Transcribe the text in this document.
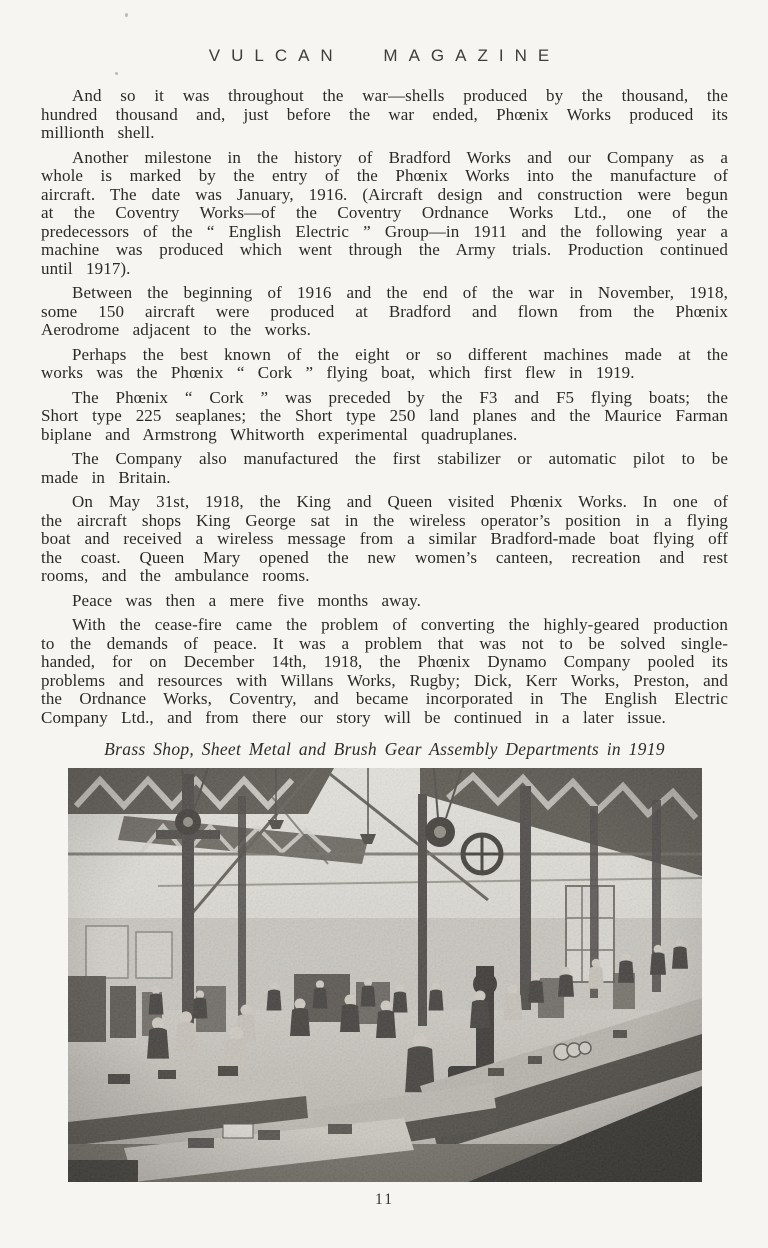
VULCAN MAGAZINE

And so it was throughout the war—shells produced by the thousand, the hundred thousand and, just before the war ended, Phœnix Works produced its millionth shell.

Another milestone in the history of Bradford Works and our Company as a whole is marked by the entry of the Phœnix Works into the manufacture of aircraft. The date was January, 1916. (Aircraft design and construction were begun at the Coventry Works—of the Coventry Ordnance Works Ltd., one of the predecessors of the “ English Electric ” Group—in 1911 and the following year a machine was produced which went through the Army trials. Production continued until 1917).

Between the beginning of 1916 and the end of the war in November, 1918, some 150 aircraft were produced at Bradford and flown from the Phœnix Aerodrome adjacent to the works.

Perhaps the best known of the eight or so different machines made at the works was the Phœnix “ Cork ” flying boat, which first flew in 1919.

The Phœnix “ Cork ” was preceded by the F3 and F5 flying boats; the Short type 225 seaplanes; the Short type 250 land planes and the Maurice Farman biplane and Armstrong Whitworth experimental quadruplanes.

The Company also manufactured the first stabilizer or automatic pilot to be made in Britain.

On May 31st, 1918, the King and Queen visited Phœnix Works. In one of the aircraft shops King George sat in the wireless operator’s position in a flying boat and received a wireless message from a similar Bradford-made boat flying off the coast. Queen Mary opened the new women’s canteen, recreation and rest rooms, and the ambulance rooms.

Peace was then a mere five months away.

With the cease-fire came the problem of converting the highly-geared production to the demands of peace. It was a problem that was not to be solved single-handed, for on December 14th, 1918, the Phœnix Dynamo Company pooled its problems and resources with Willans Works, Rugby; Dick, Kerr Works, Preston, and the Ordnance Works, Coventry, and became incorporated in The English Electric Company Ltd., and from there our story will be continued in a later issue.

Brass Shop, Sheet Metal and Brush Gear Assembly Departments in 1919
11
